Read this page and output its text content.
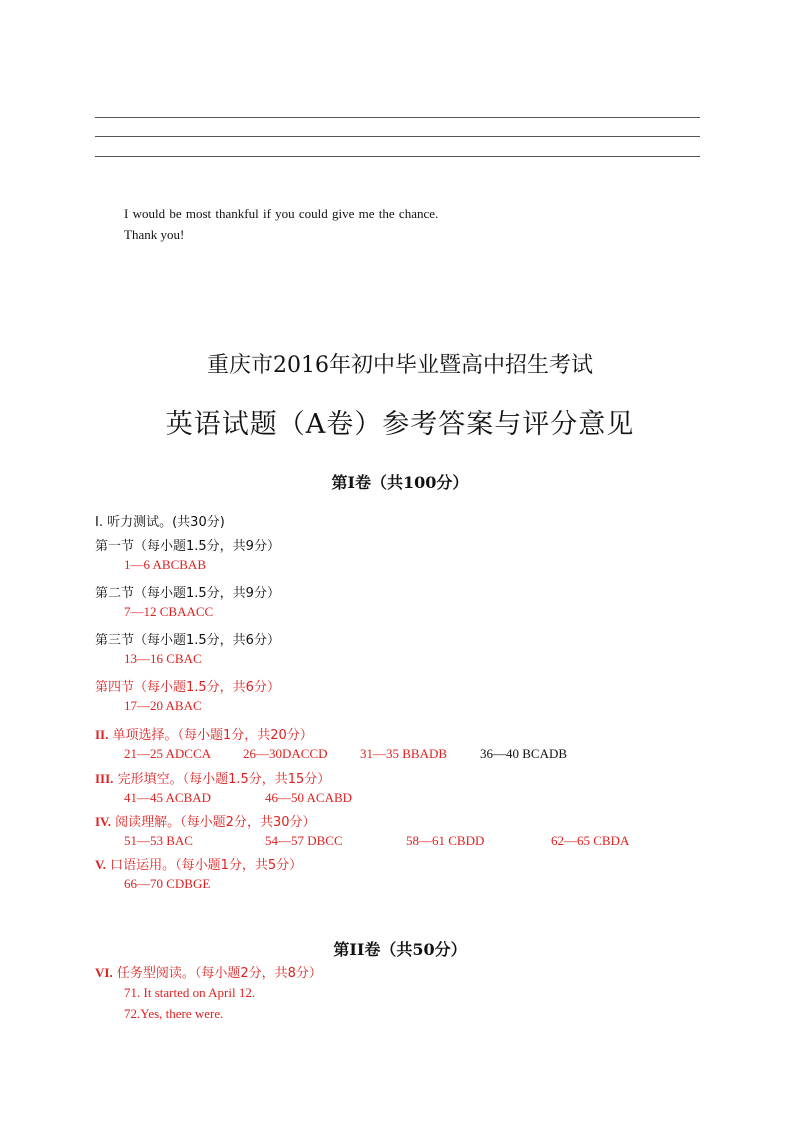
I would be most thankful if you could give me the chance.
Thank you!
重庆市2016年初中毕业暨高中招生考试
英语试题（A卷）参考答案与评分意见
第I卷（共100分）
I. 听力测试。(共30分)
第一节（每小题1.5分，共9分）
1—6 ABCBAB
第二节（每小题1.5分，共9分）
7—12 CBAACC
第三节（每小题1.5分，共6分）
13—16 CBAC
第四节（每小题1.5分，共6分）
17—20 ABAC
II. 单项选择。（每小题1分，共20分）
21—25 ADCCA 26—30DACCD 31—35 BBADB	36—40 BCADB
III. 完形填空。（每小题1.5分，共15分）
41—45 ACBAD	46—50 ACABD
IV. 阅读理解。（每小题2分，共30分）
51—53 BAC	54—57 DBCC	58—61 CBDD	62—65 CBDA
V. 口语运用。（每小题1分，共5分）
66—70 CDBGE
第II卷（共50分）
VI. 任务型阅读。（每小题2分，共8分）
71. It started on April 12.
72.Yes, there were.
